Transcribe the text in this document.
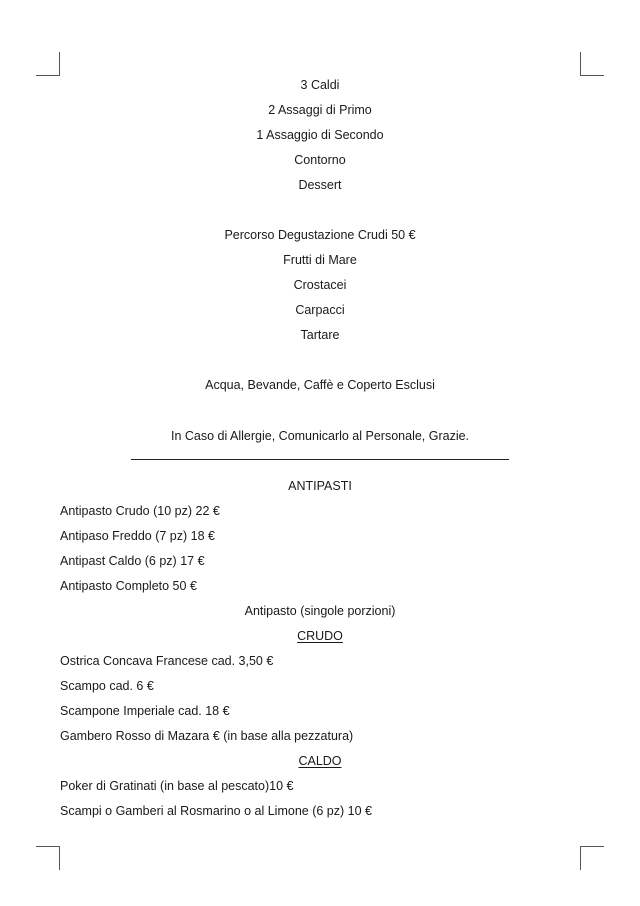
3 Caldi
2 Assaggi di Primo
1 Assaggio di Secondo
Contorno
Dessert
Percorso Degustazione Crudi 50 €
Frutti di Mare
Crostacei
Carpacci
Tartare
Acqua, Bevande, Caffè e Coperto Esclusi
In Caso di Allergie, Comunicarlo al Personale, Grazie.
ANTIPASTI
Antipasto Crudo (10 pz) 22 €
Antipaso Freddo (7 pz) 18 €
Antipast Caldo (6 pz) 17 €
Antipasto Completo 50 €
Antipasto (singole porzioni)
CRUDO
Ostrica Concava Francese cad. 3,50 €
Scampo cad. 6 €
Scampone Imperiale cad. 18 €
Gambero Rosso di Mazara € (in base alla pezzatura)
CALDO
Poker di Gratinati (in base al pescato)10 €
Scampi o Gamberi al Rosmarino o al Limone (6 pz) 10 €
